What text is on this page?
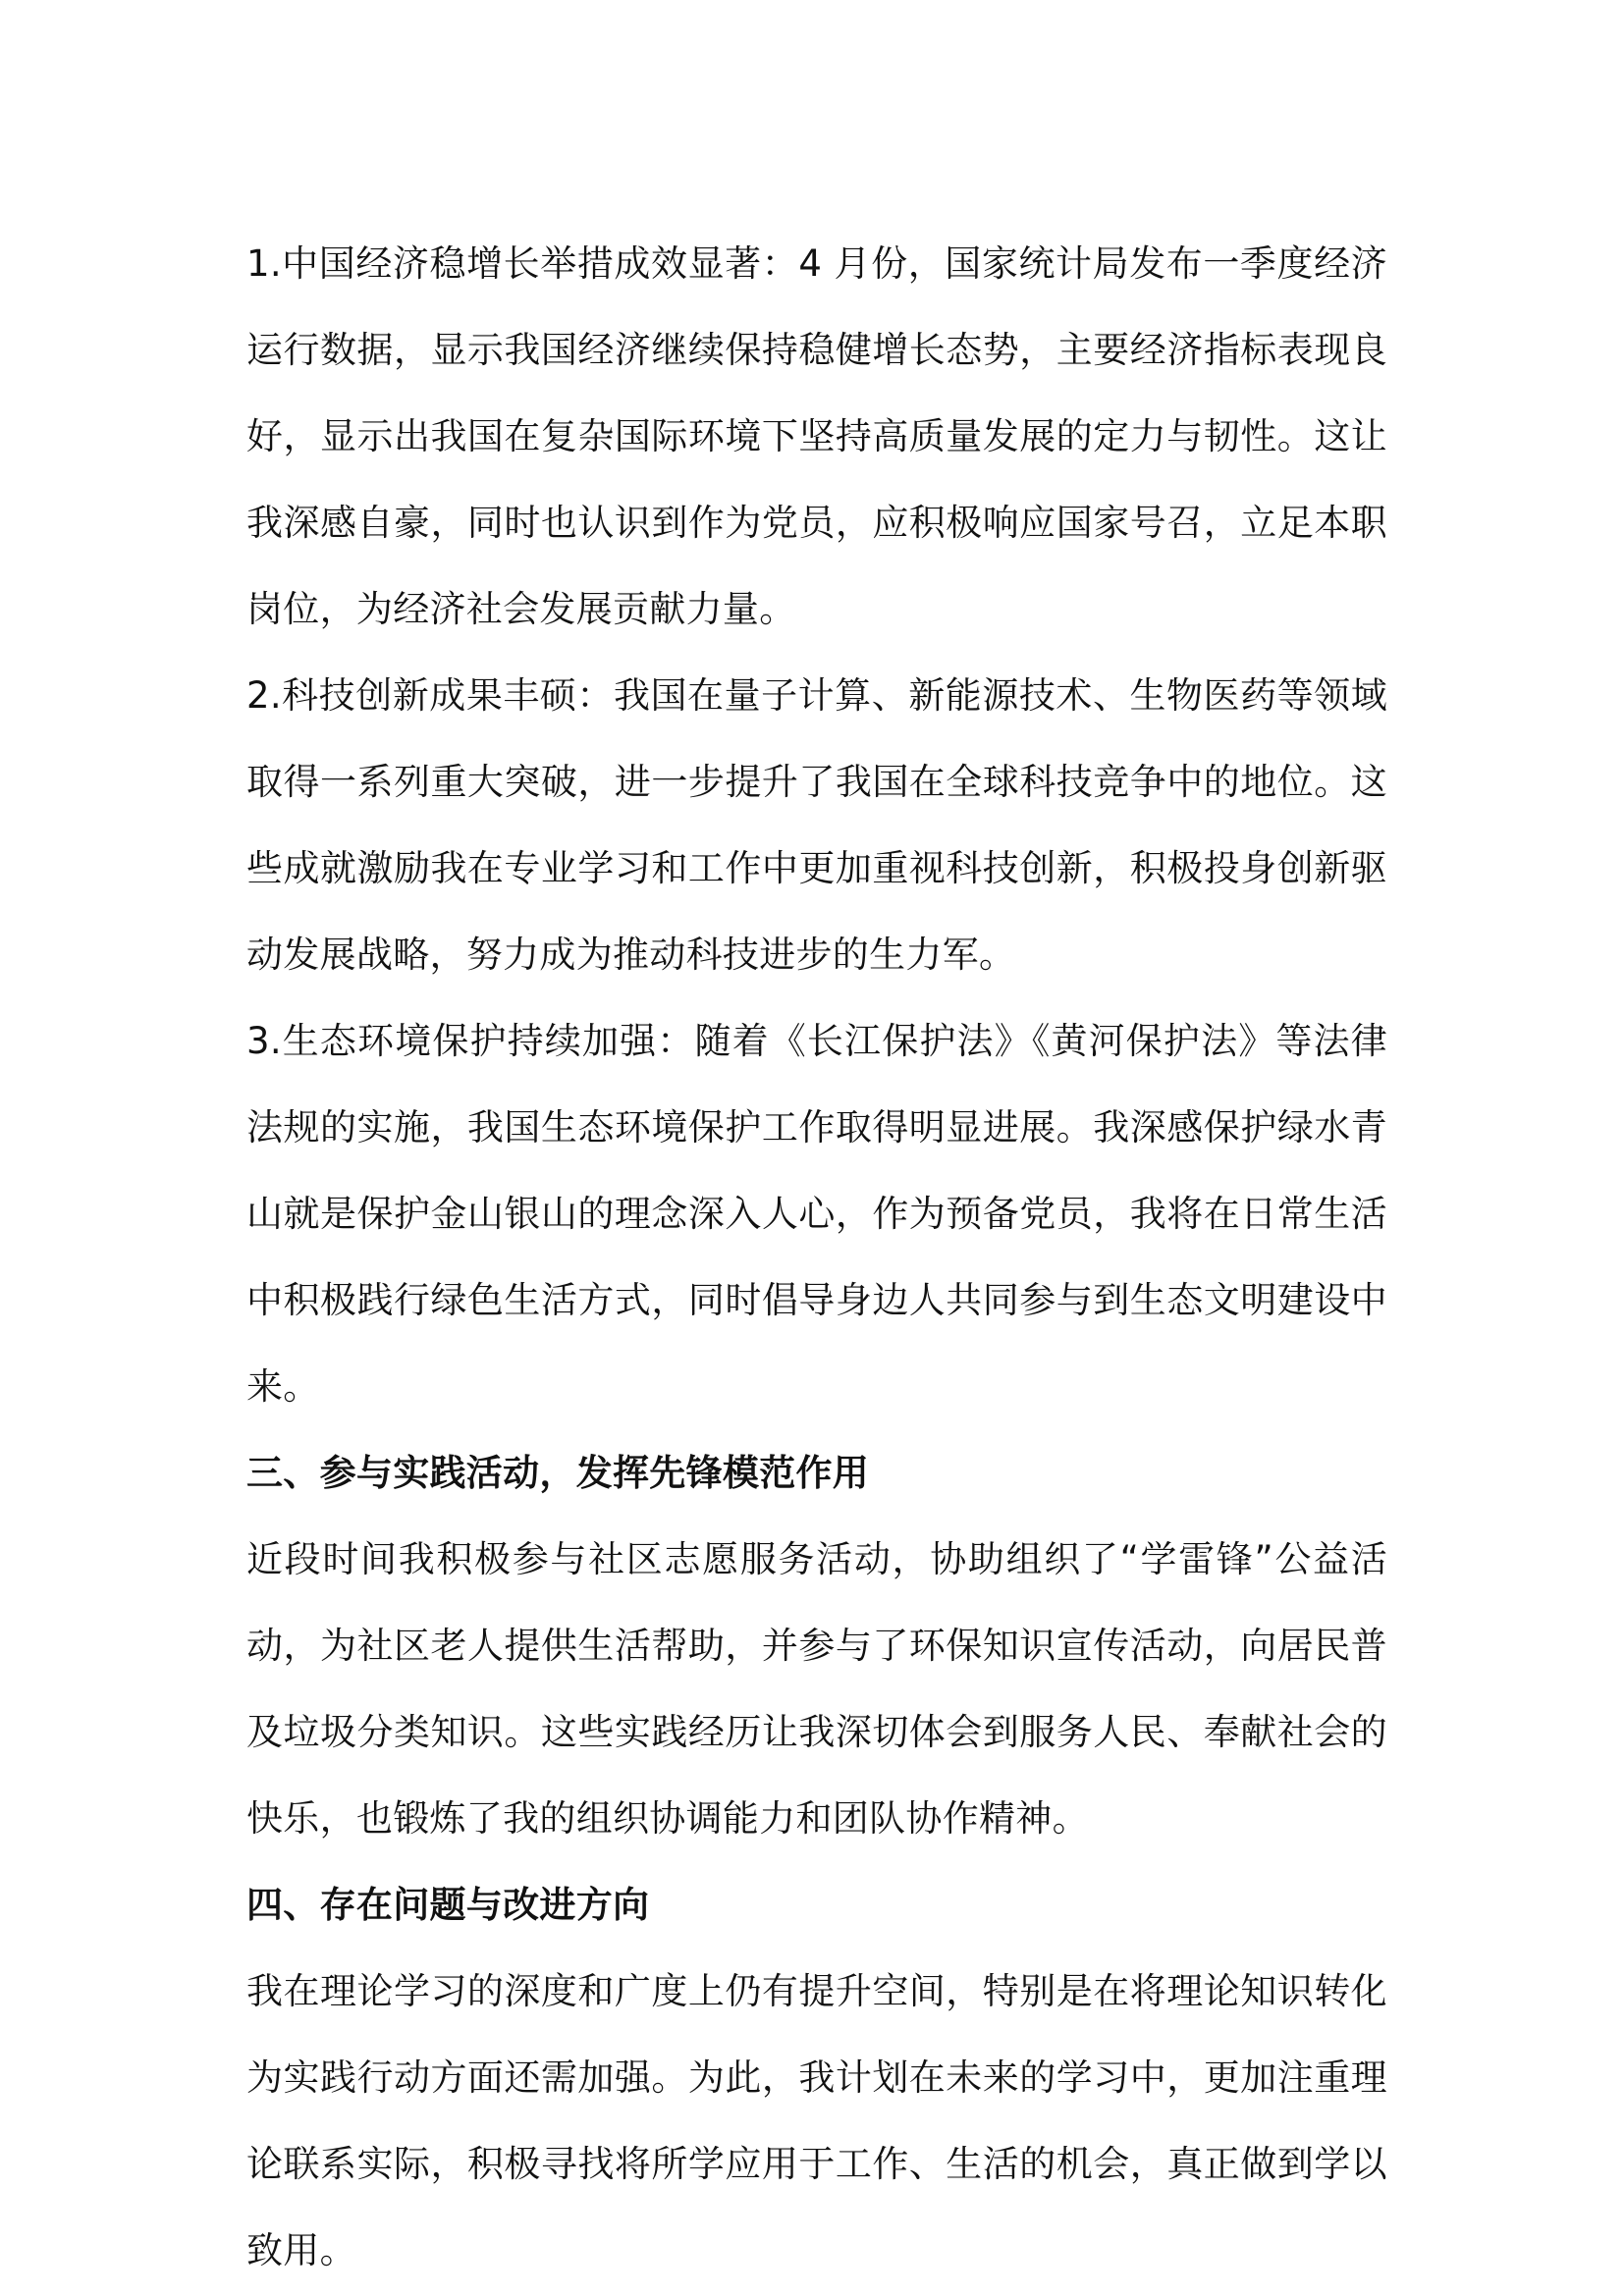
1.中国经济稳增长举措成效显著：4 月份，国家统计局发布一季度经济运行数据，显示我国经济继续保持稳健增长态势，主要经济指标表现良好，显示出我国在复杂国际环境下坚持高质量发展的定力与韧性。这让我深感自豪，同时也认识到作为党员，应积极响应国家号召，立足本职岗位，为经济社会发展贡献力量。

2.科技创新成果丰硕：我国在量子计算、新能源技术、生物医药等领域取得一系列重大突破，进一步提升了我国在全球科技竞争中的地位。这些成就激励我在专业学习和工作中更加重视科技创新，积极投身创新驱动发展战略，努力成为推动科技进步的生力军。

3.生态环境保护持续加强：随着《长江保护法》《黄河保护法》等法律法规的实施，我国生态环境保护工作取得明显进展。我深感保护绿水青山就是保护金山银山的理念深入人心，作为预备党员，我将在日常生活中积极践行绿色生活方式，同时倡导身边人共同参与到生态文明建设中来。

三、参与实践活动，发挥先锋模范作用

近段时间我积极参与社区志愿服务活动，协助组织了“学雷锋”公益活动，为社区老人提供生活帮助，并参与了环保知识宣传活动，向居民普及垃圾分类知识。这些实践经历让我深切体会到服务人民、奉献社会的快乐，也锻炼了我的组织协调能力和团队协作精神。

四、存在问题与改进方向

我在理论学习的深度和广度上仍有提升空间，特别是在将理论知识转化为实践行动方面还需加强。为此，我计划在未来的学习中，更加注重理论联系实际，积极寻找将所学应用于工作、生活的机会，真正做到学以致用。
